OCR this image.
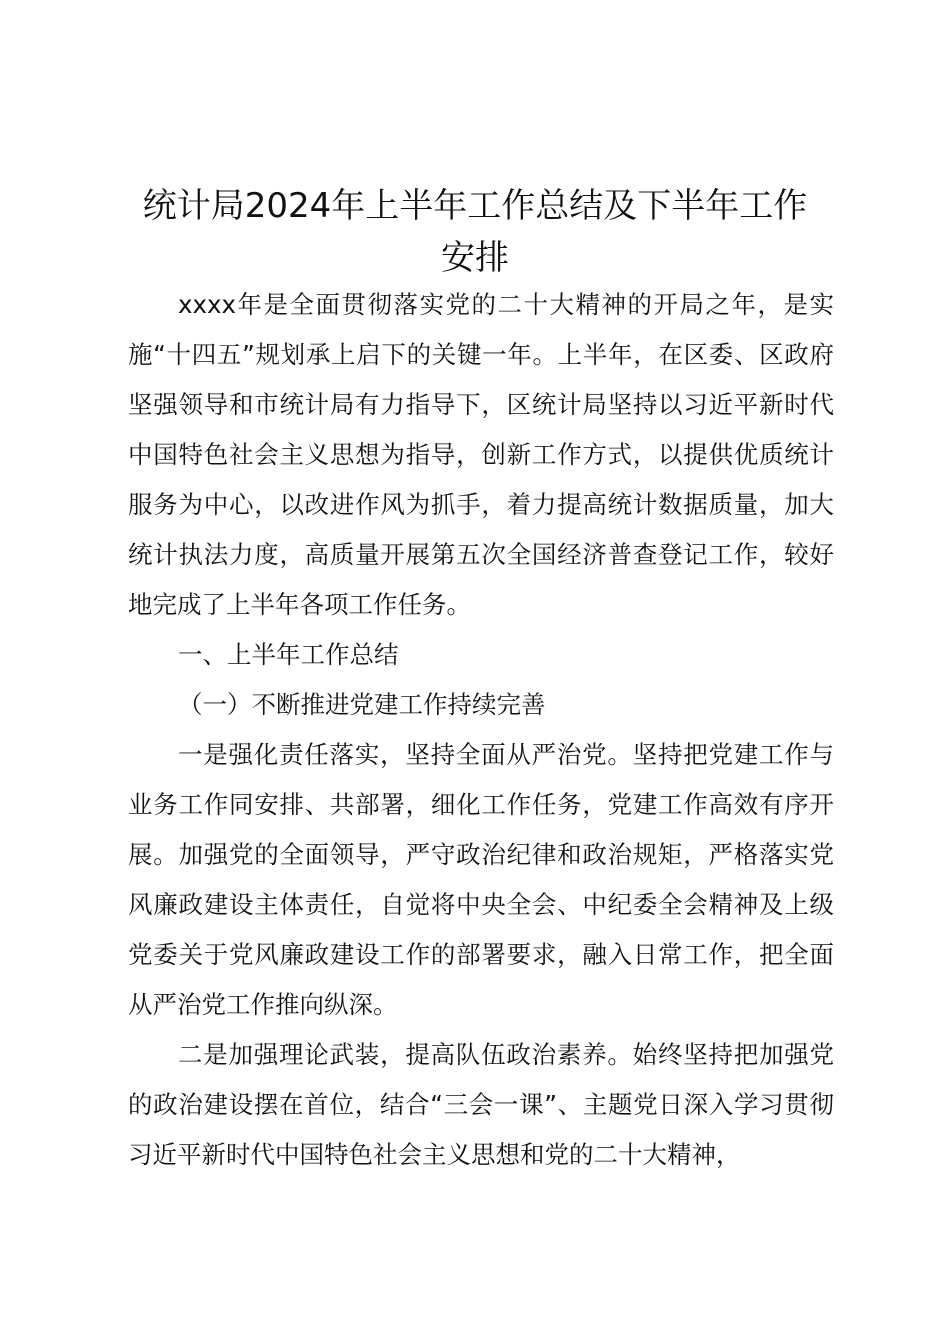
统计局2024年上半年工作总结及下半年工作
安排

xxxx年是全面贯彻落实党的二十大精神的开局之年，是实施“十四五”规划承上启下的关键一年。上半年，在区委、区政府坚强领导和市统计局有力指导下，区统计局坚持以习近平新时代中国特色社会主义思想为指导，创新工作方式，以提供优质统计服务为中心，以改进作风为抓手，着力提高统计数据质量，加大统计执法力度，高质量开展第五次全国经济普查登记工作，较好地完成了上半年各项工作任务。

一、上半年工作总结

（一）不断推进党建工作持续完善

一是强化责任落实，坚持全面从严治党。坚持把党建工作与业务工作同安排、共部署，细化工作任务，党建工作高效有序开展。加强党的全面领导，严守政治纪律和政治规矩，严格落实党风廉政建设主体责任，自觉将中央全会、中纪委全会精神及上级党委关于党风廉政建设工作的部署要求，融入日常工作，把全面从严治党工作推向纵深。

二是加强理论武装，提高队伍政治素养。始终坚持把加强党的政治建设摆在首位，结合“三会一课”、主题党日深入学习贯彻习近平新时代中国特色社会主义思想和党的二十大精神，
